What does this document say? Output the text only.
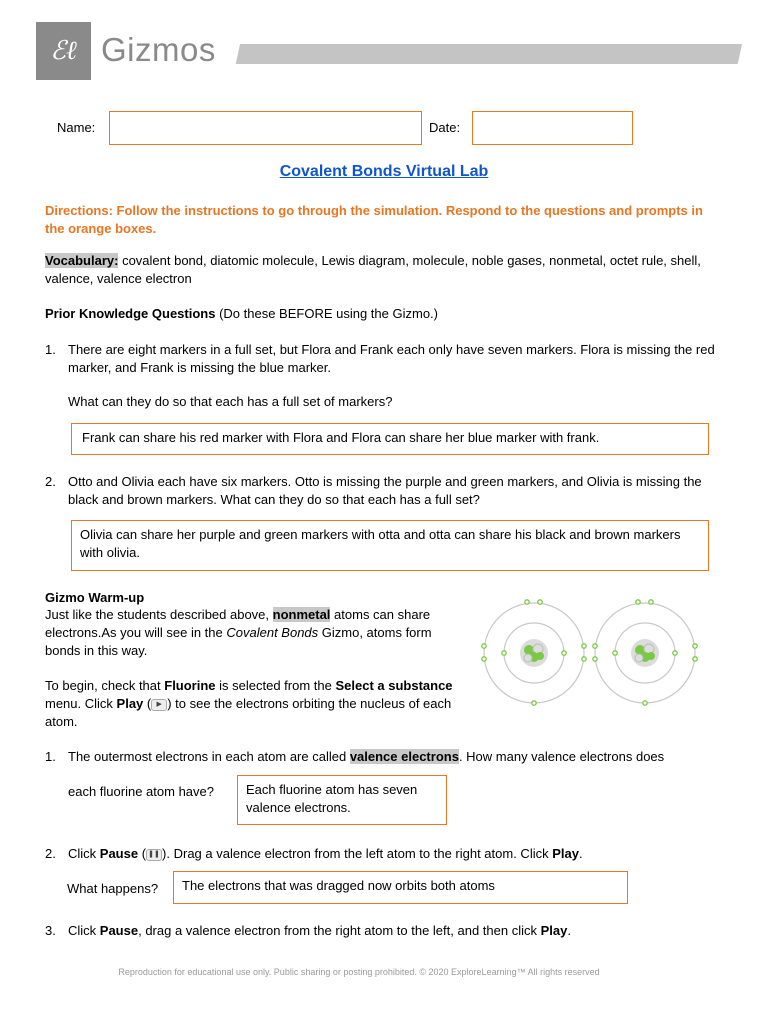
ℰℓ Gizmos
Name:	Date:
Covalent Bonds Virtual Lab
Directions: Follow the instructions to go through the simulation. Respond to the questions and prompts in the orange boxes.
Vocabulary: covalent bond, diatomic molecule, Lewis diagram, molecule, noble gases, nonmetal, octet rule, shell, valence, valence electron
Prior Knowledge Questions (Do these BEFORE using the Gizmo.)
1. There are eight markers in a full set, but Flora and Frank each only have seven markers. Flora is missing the red marker, and Frank is missing the blue marker.
What can they do so that each has a full set of markers?
Frank can share his red marker with Flora and Flora can share her blue marker with frank.
2. Otto and Olivia each have six markers. Otto is missing the purple and green markers, and Olivia is missing the black and brown markers. What can they do so that each has a full set?
Olivia can share her purple and green markers with otta and otta can share his black and brown markers with olivia.
Gizmo Warm-up
Just like the students described above, nonmetal atoms can share electrons.As you will see in the Covalent Bonds Gizmo, atoms form bonds in this way.
To begin, check that Fluorine is selected from the Select a substance menu. Click Play ( ▶ ) to see the electrons orbiting the nucleus of each atom.
1. The outermost electrons in each atom are called valence electrons. How many valence electrons does
each fluorine atom have?	Each fluorine atom has seven valence electrons.
2. Click Pause ( ❚❚ ). Drag a valence electron from the left atom to the right atom. Click Play.
What happens?	The electrons that was dragged now orbits both atoms
3. Click Pause, drag a valence electron from the right atom to the left, and then click Play.
Reproduction for educational use only. Public sharing or posting prohibited. © 2020 ExploreLearning™ All rights reserved
